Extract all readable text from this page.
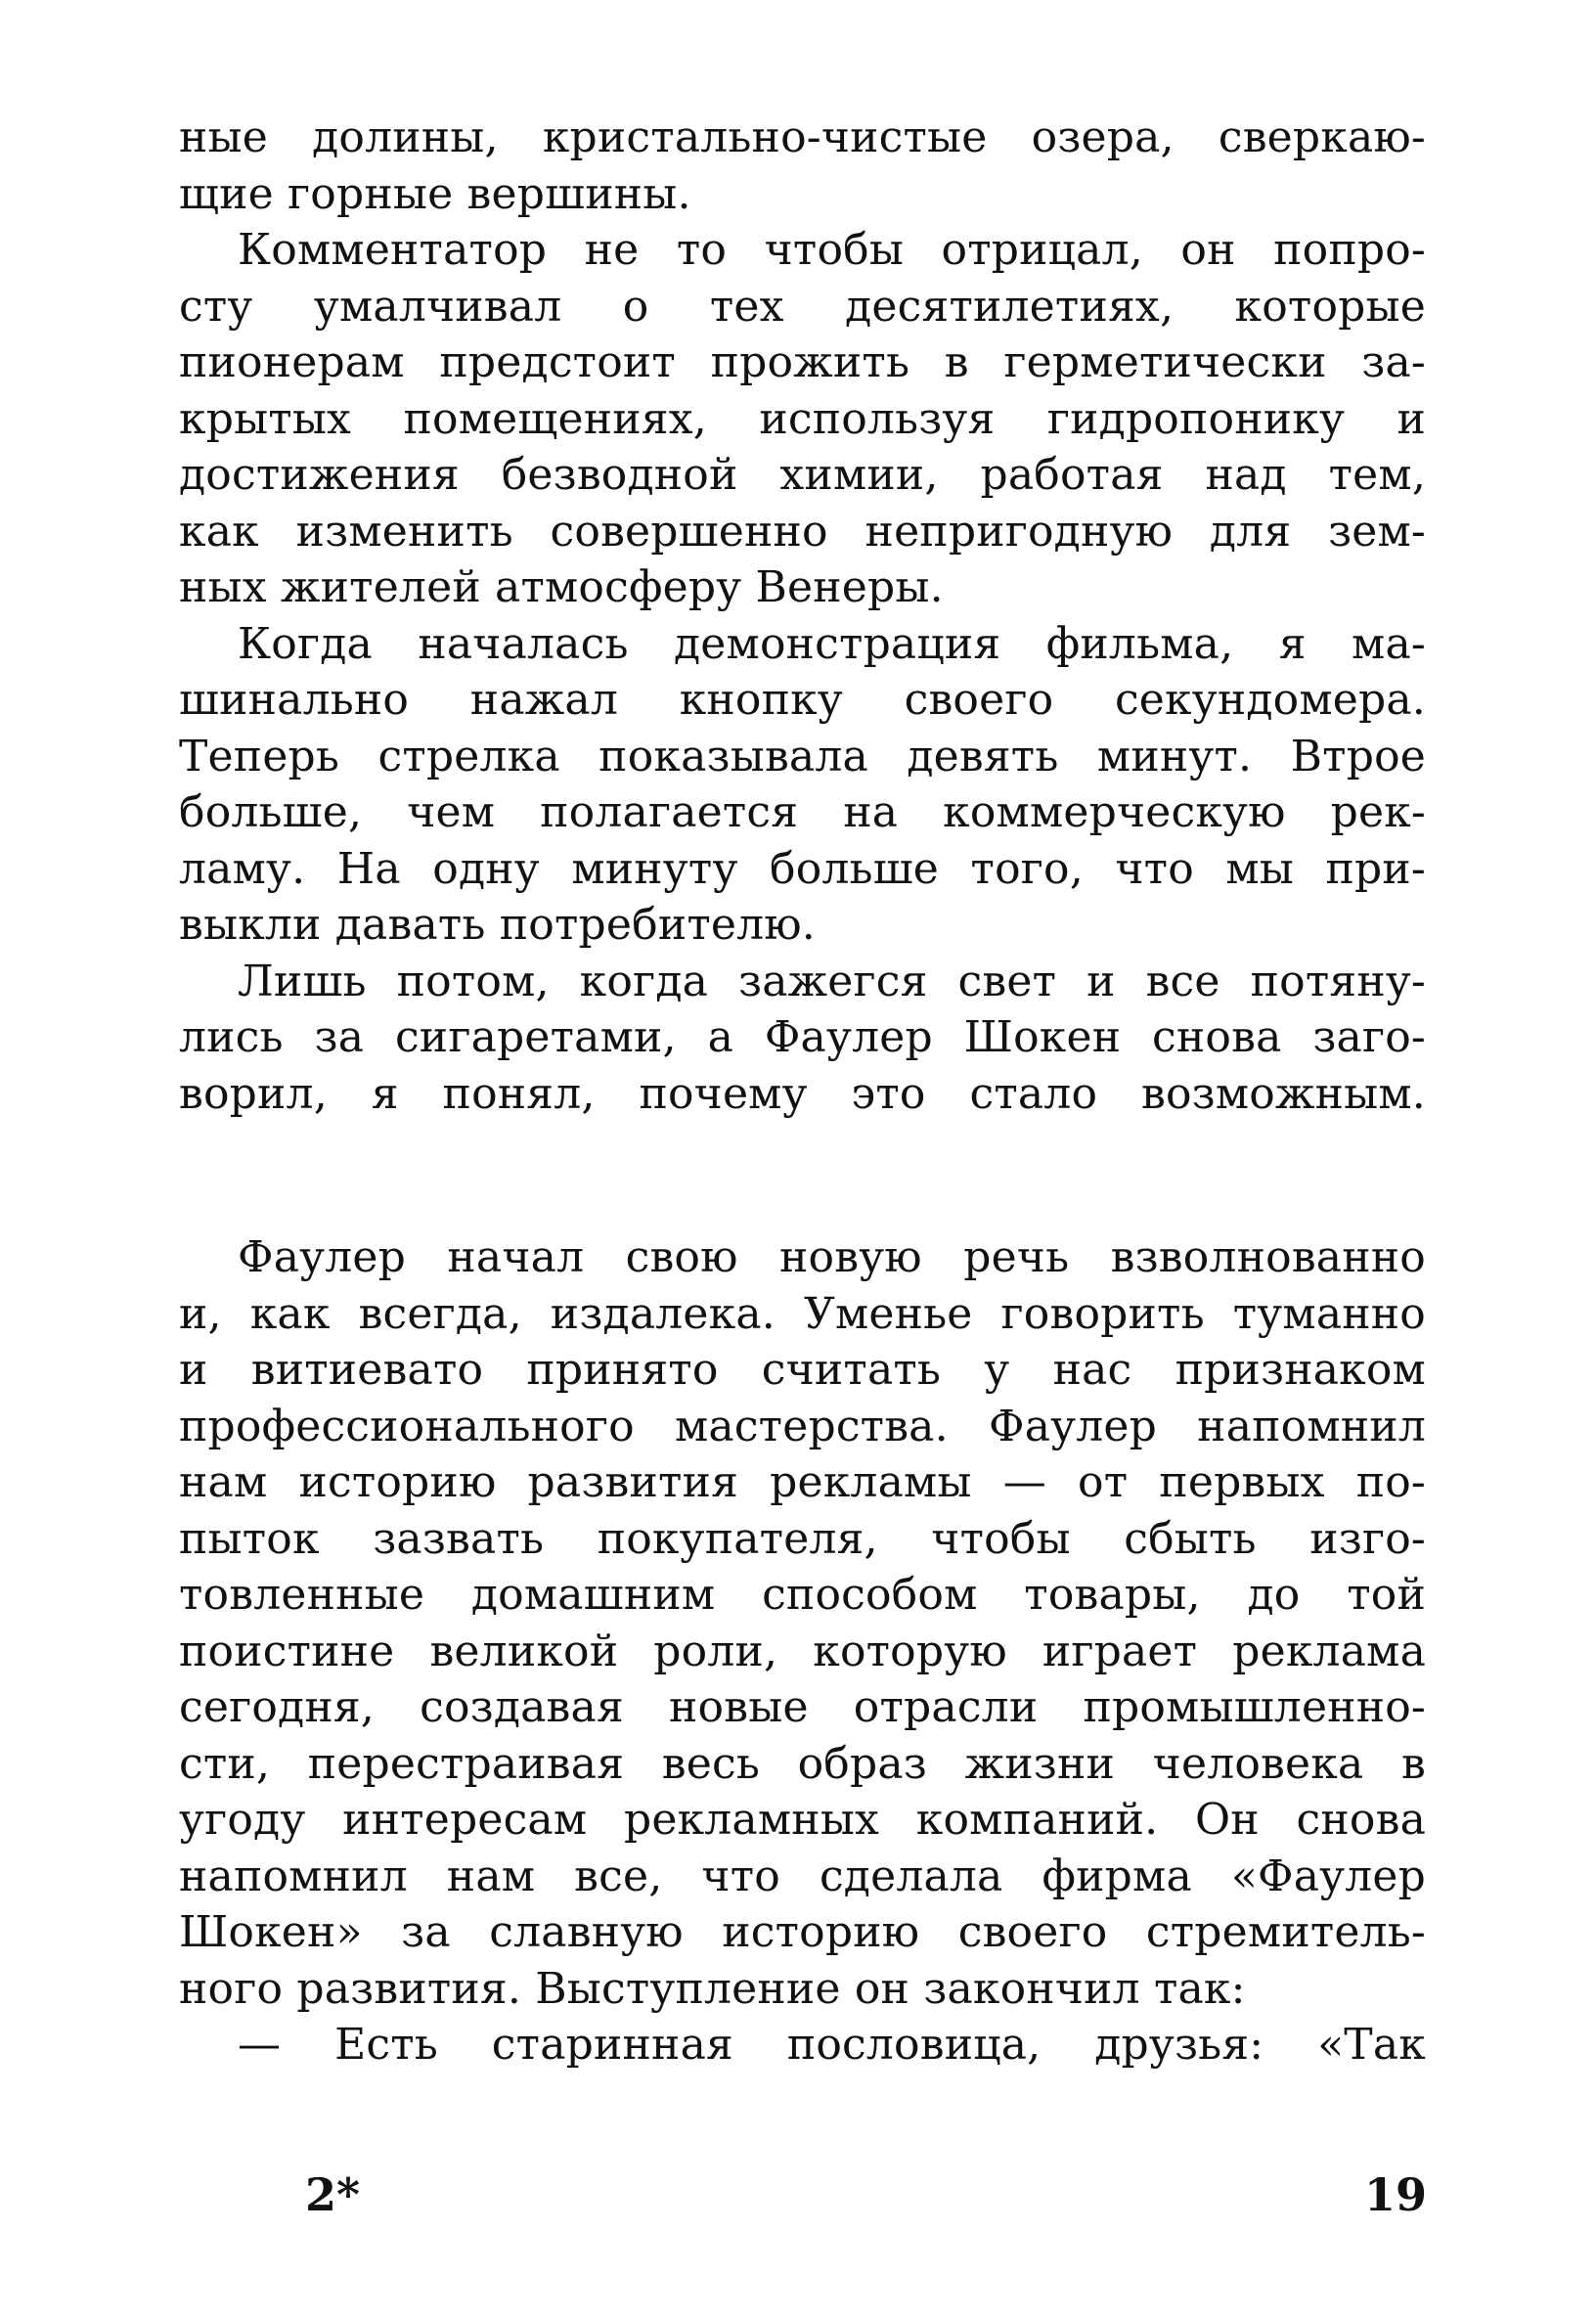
ные долины, кристально-чистые озера, сверкаю-
щие горные вершины.
Комментатор не то чтобы отрицал, он попро-
сту умалчивал о тех десятилетиях, которые
пионерам предстоит прожить в герметически за-
крытых помещениях, используя гидропонику и
достижения безводной химии, работая над тем,
как изменить совершенно непригодную для зем-
ных жителей атмосферу Венеры.
Когда началась демонстрация фильма, я ма-
шинально нажал кнопку своего секундомера.
Теперь стрелка показывала девять минут. Втрое
больше, чем полагается на коммерческую рек-
ламу. На одну минуту больше того, что мы при-
выкли давать потребителю.
Лишь потом, когда зажегся свет и все потяну-
лись за сигаретами, а Фаулер Шокен снова заго-
ворил, я понял, почему это стало возможным.
Фаулер начал свою новую речь взволнованно
и, как всегда, издалека. Уменье говорить туманно
и витиевато принято считать у нас признаком
профессионального мастерства. Фаулер напомнил
нам историю развития рекламы — от первых по-
пыток зазвать покупателя, чтобы сбыть изго-
товленные домашним способом товары, до той
поистине великой роли, которую играет реклама
сегодня, создавая новые отрасли промышленно-
сти, перестраивая весь образ жизни человека в
угоду интересам рекламных компаний. Он снова
напомнил нам все, что сделала фирма «Фаулер
Шокен» за славную историю своего стремитель-
ного развития. Выступление он закончил так:
— Есть старинная пословица, друзья: «Так
2*	19
